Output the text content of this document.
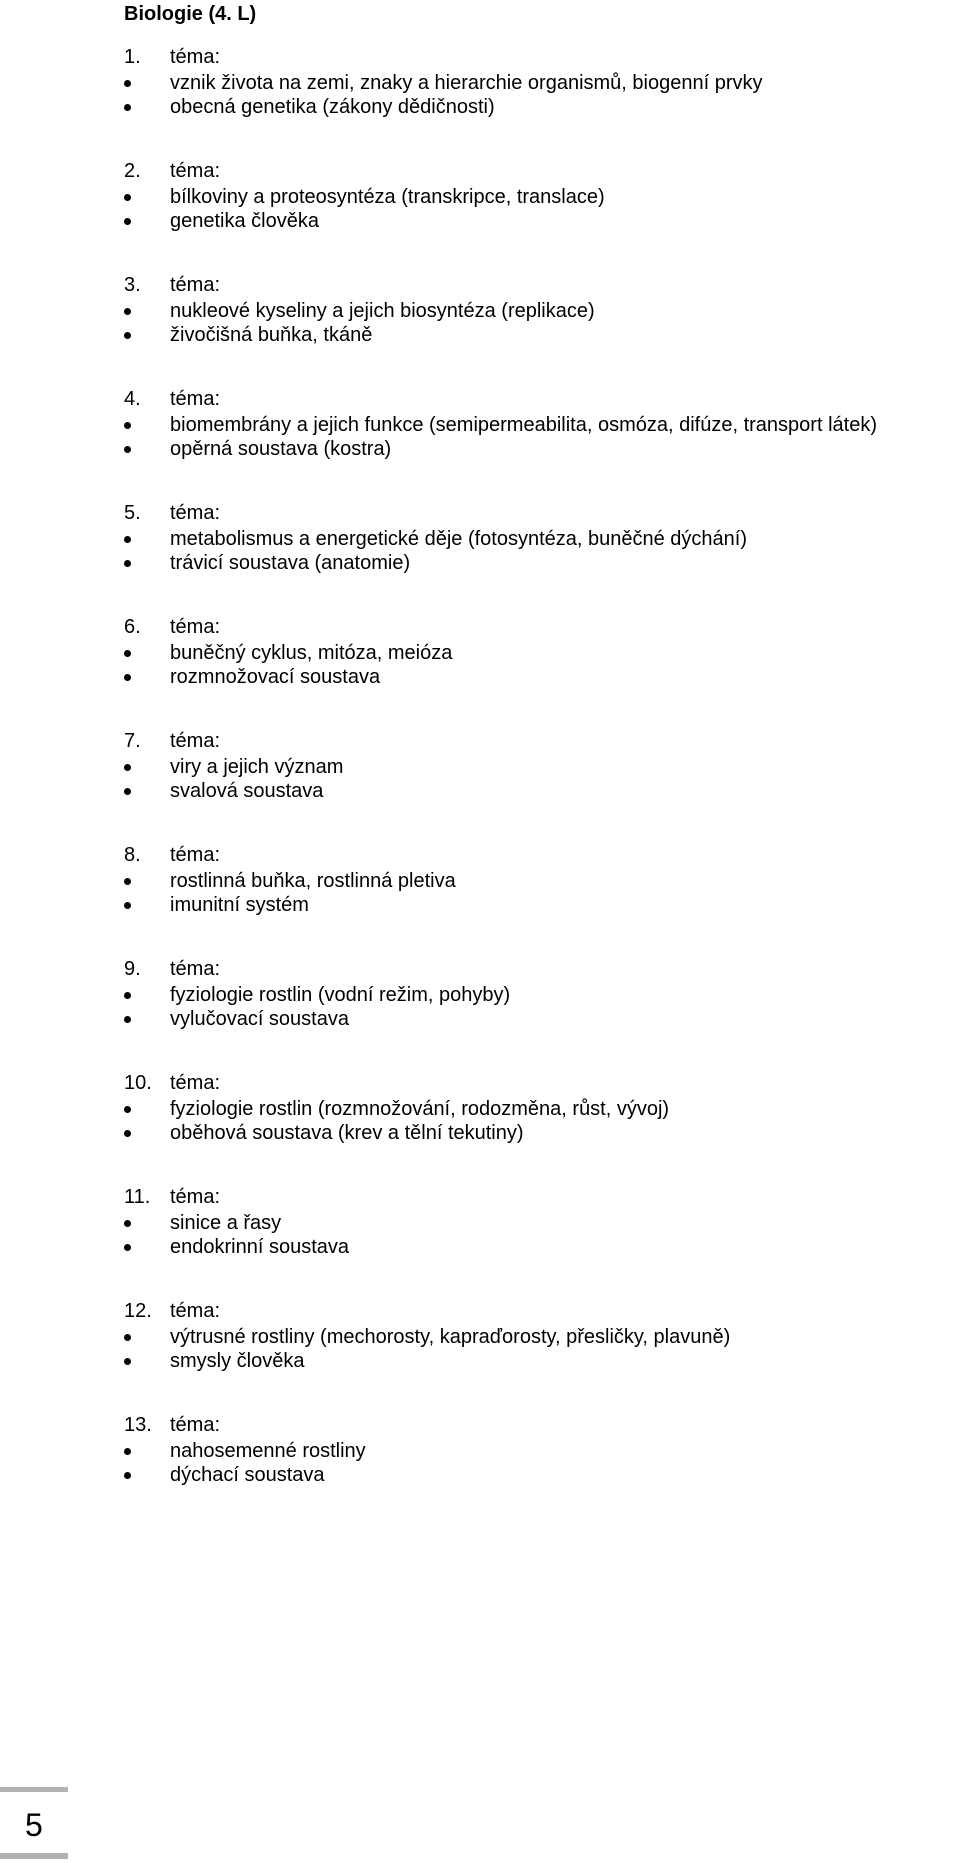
Biologie (4. L)
1. téma:
vznik života na zemi, znaky a hierarchie organismů, biogenní prvky
obecná genetika (zákony dědičnosti)
2. téma:
bílkoviny a proteosyntéza (transkripce, translace)
genetika člověka
3. téma:
nukleové kyseliny a jejich biosyntéza (replikace)
živočišná buňka, tkáně
4. téma:
biomembrány a jejich funkce (semipermeabilita, osmóza, difúze, transport látek)
opěrná soustava (kostra)
5. téma:
metabolismus a energetické děje (fotosyntéza, buněčné dýchání)
trávicí soustava (anatomie)
6. téma:
buněčný cyklus, mitóza, meióza
rozmnožovací soustava
7. téma:
viry a jejich význam
svalová soustava
8. téma:
rostlinná buňka, rostlinná pletiva
imunitní systém
9. téma:
fyziologie rostlin (vodní režim, pohyby)
vylučovací soustava
10. téma:
fyziologie rostlin (rozmnožování, rodozměna, růst, vývoj)
oběhová soustava (krev a tělní tekutiny)
11. téma:
sinice a řasy
endokrinní soustava
12. téma:
výtrusné rostliny (mechorosty, kapraďorosty, přesličky, plavuně)
smysly člověka
13. téma:
nahosemenné rostliny
dýchací soustava
5
